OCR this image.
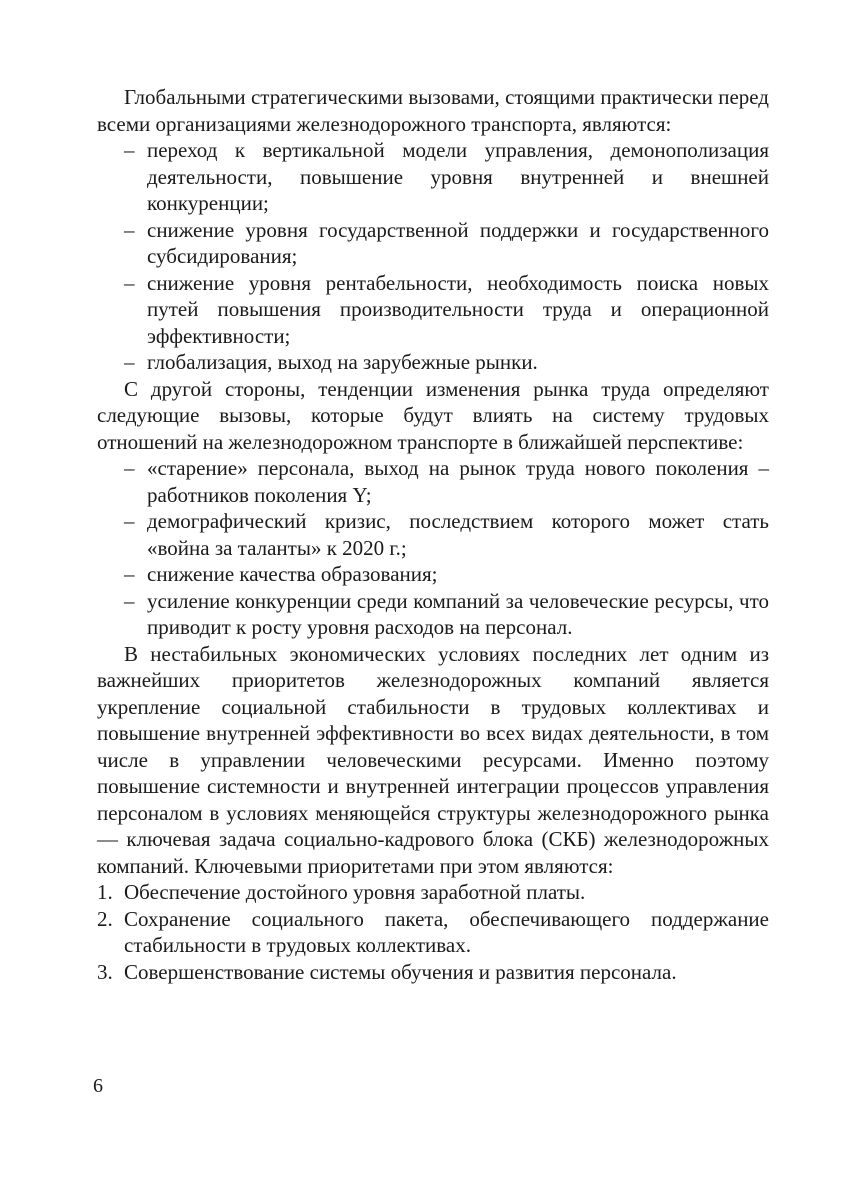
Глобальными стратегическими вызовами, стоящими практически перед всеми организациями железнодорожного транспорта, являются:

– переход к вертикальной модели управления, демонополизация деятельности, повышение уровня внутренней и внешней конкуренции;
– снижение уровня государственной поддержки и государственного субсидирования;
– снижение уровня рентабельности, необходимость поиска новых путей повышения производительности труда и операционной эффективности;
– глобализация, выход на зарубежные рынки.

С другой стороны, тенденции изменения рынка труда определяют следующие вызовы, которые будут влиять на систему трудовых отношений на железнодорожном транспорте в ближайшей перспективе:

– «старение» персонала, выход на рынок труда нового поколения – работников поколения Y;
– демографический кризис, последствием которого может стать «война за таланты» к 2020 г.;
– снижение качества образования;
– усиление конкуренции среди компаний за человеческие ресурсы, что приводит к росту уровня расходов на персонал.

В нестабильных экономических условиях последних лет одним из важнейших приоритетов железнодорожных компаний является укрепление социальной стабильности в трудовых коллективах и повышение внутренней эффективности во всех видах деятельности, в том числе в управлении человеческими ресурсами. Именно поэтому повышение системности и внутренней интеграции процессов управления персоналом в условиях меняющейся структуры железнодорожного рынка — ключевая задача социально-кадрового блока (СКБ) железнодорожных компаний. Ключевыми приоритетами при этом являются:

1. Обеспечение достойного уровня заработной платы.
2. Сохранение социального пакета, обеспечивающего поддержание стабильности в трудовых коллективах.
3. Совершенствование системы обучения и развития персонала.
6
